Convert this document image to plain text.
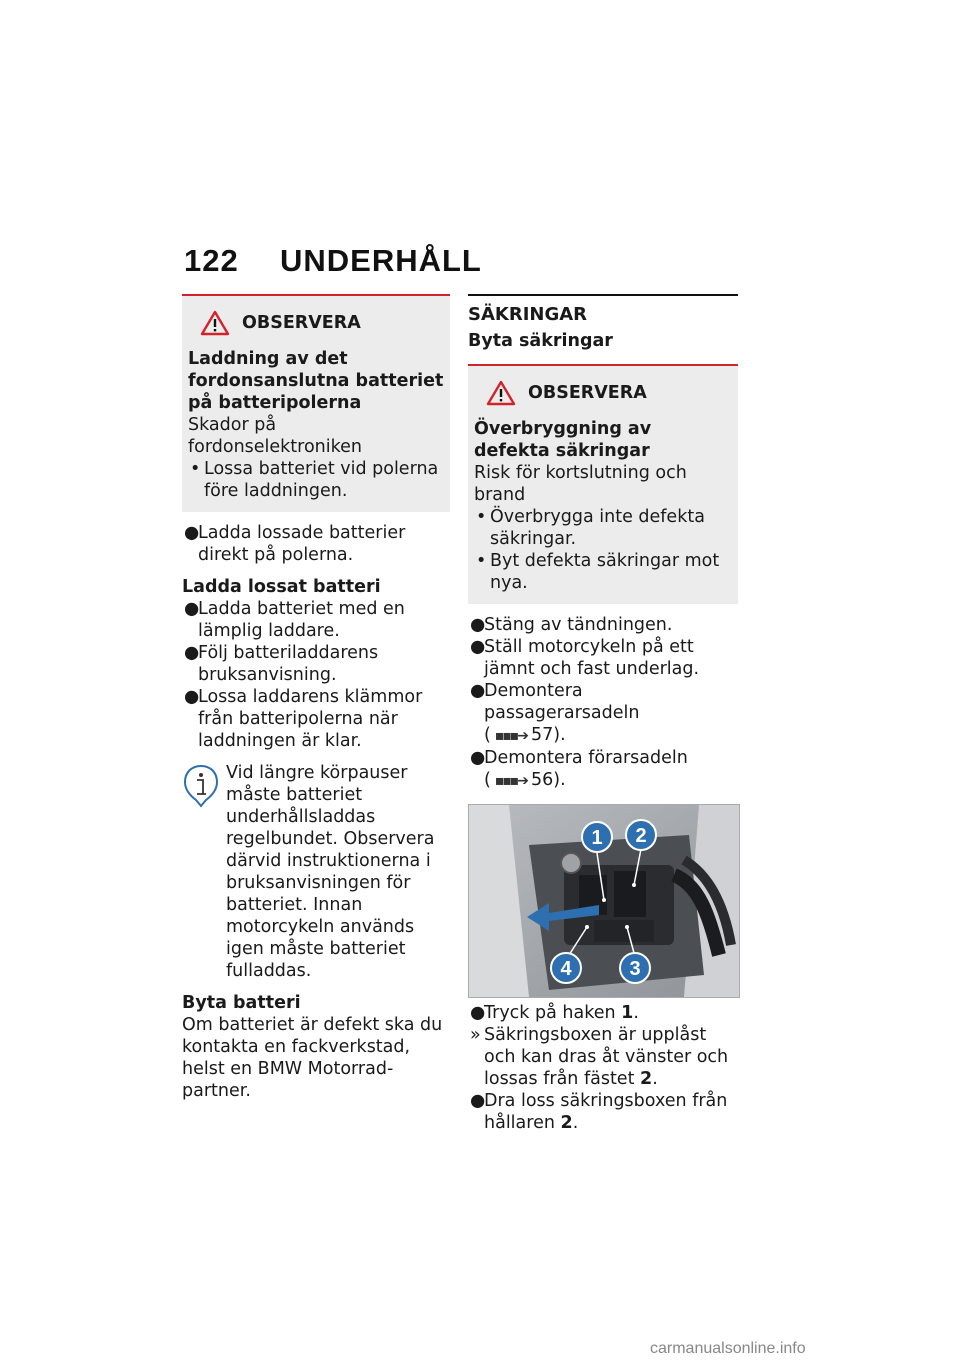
122 UNDERHÅLL
OBSERVERA

Laddning av det fordonsanslutna batteriet på batteripolerna

Skador på fordonselektroniken

• Lossa batteriet vid polerna före laddningen.

●
Ladda lossade batterier direkt på polerna.

Ladda lossat batteri

●
Ladda batteriet med en lämplig laddare.

●
Följ batteriladdarens bruksanvisning.

●
Lossa laddarens klämmor från batteripolerna när laddningen är klar.

Vid längre körpauser måste batteriet underhållsladdas regelbundet. Observera därvid instruktionerna i bruksanvisningen för batteriet. Innan motorcykeln används igen måste batteriet fulladdas.

Byta batteri

Om batteriet är defekt ska du kontakta en fackverkstad, helst en BMW Motorrad-partner.

SÄKRINGAR

Byta säkringar

OBSERVERA

Överbryggning av defekta säkringar

Risk för kortslutning och brand

• Överbrygga inte defekta säkringar.

• Byt defekta säkringar mot nya.

●
Stäng av tändningen.

●
Ställ motorcykeln på ett jämnt och fast underlag.

●
Demontera passagerarsadeln
( ▪▪▪➔ 57).

●
Demontera förarsadeln
( ▪▪▪➔ 56).

1 2
3
4

●
Tryck på haken 1.

» Säkringsboxen är upplåst och kan dras åt vänster och lossas från fästet 2.

●
Dra loss säkringsboxen från hållaren 2.

carmanualsonline.info
